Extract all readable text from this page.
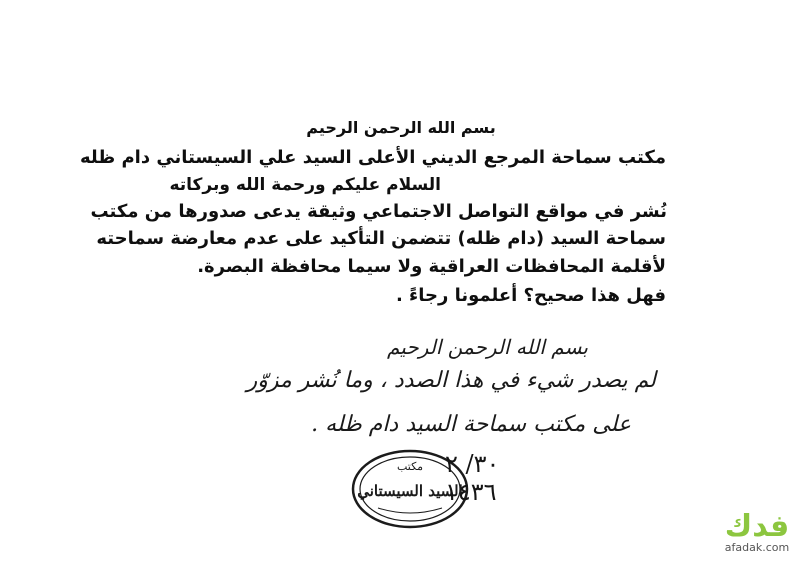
بسم الله الرحمن الرحيم
مكتب سماحة المرجع الديني الأعلى السيد علي السيستاني دام ظله
السلام عليكم ورحمة الله وبركاته
نُشر في مواقع التواصل الاجتماعي وثيقة يدعى صدورها من مكتب
سماحة السيد (دام ظله) تتضمن التأكيد على عدم معارضة سماحته
لأقلمة المحافظات العراقية ولا سيما محافظة البصرة.
فهل هذا صحيح؟ أعلمونا رجاءً .
بسم الله الرحمن الرحيم
لم يصدر شيء في هذا الصدد ، وما نُشر مزوّر
على مكتب سماحة السيد دام ظله .
مكتب
السيد السيستاني
٣٠/ ٢
١٤٣٦
فدك
afadak.com
